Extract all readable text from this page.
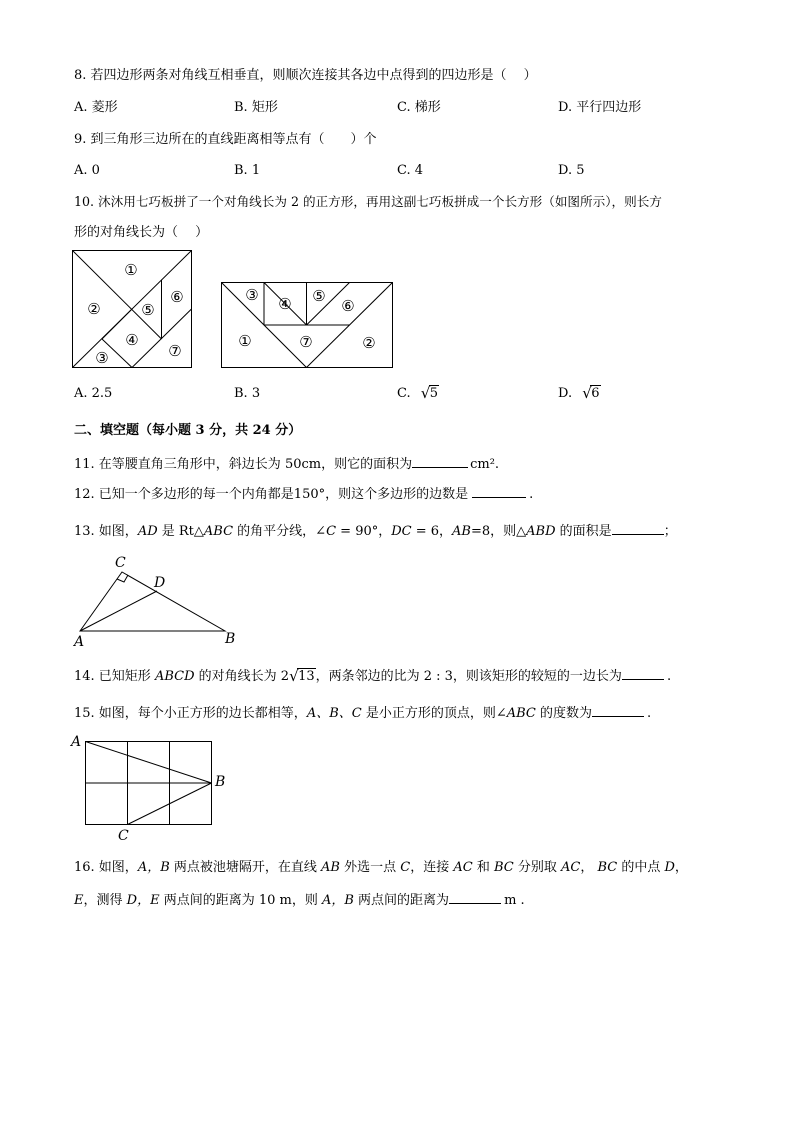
8. 若四边形两条对角线互相垂直，则顺次连接其各边中点得到的四边形是（　 ）
A. 菱形	B. 矩形	C. 梯形	D. 平行四边形
9. 到三角形三边所在的直线距离相等点有（　　）个
A. 0	B. 1	C. 4	D. 5
10. 沐沐用七巧板拼了一个对角线长为 2 的正方形，再用这副七巧板拼成一个长方形（如图所示），则长方
形的对角线长为（　 ）
①
②	⑤
⑥
④
⑦
③
③ ④ ⑤
⑥
①	⑦	②
A. 2.5	B. 3	C. √ 5	D. √ 6
二、填空题（每小题 3 分，共 24 分）
11. 在等腰直角三角形中，斜边长为 50cm，则它的面积为	cm².
12. 已知一个多边形的每一个内角都是150°，则这个多边形的边数是	.
13. 如图，AD 是 Rt△ABC 的角平分线，∠C = 90°，DC = 6，AB=8，则△ABD 的面积是	；
C
D
A	B
14. 已知矩形 ABCD 的对角线长为 2 √ 13，两条邻边的比为 2 : 3，则该矩形的较短的一边长为	.
15. 如图，每个小正方形的边长都相等，A、B、C 是小正方形的顶点，则∠ABC 的度数为	.
A
B
C
16. 如图，A，B 两点被池塘隔开，在直线 AB 外选一点 C，连接 AC 和 BC 分别取 AC， BC 的中点 D，
E，测得 D，E 两点间的距离为 10 m，则 A，B 两点间的距离为	m .
